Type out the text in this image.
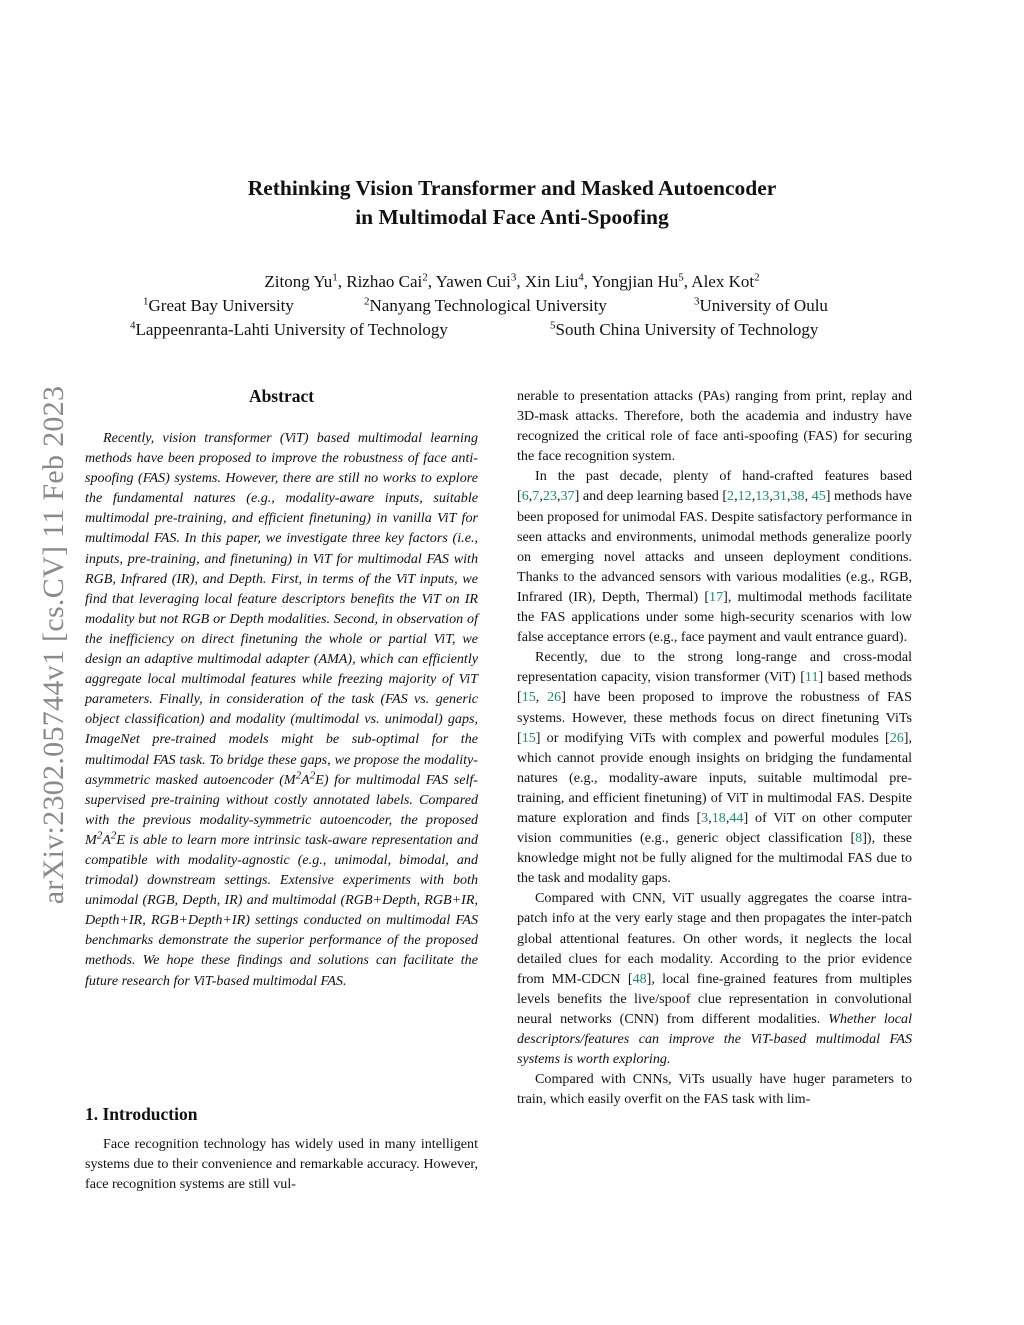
arXiv:2302.05744v1 [cs.CV] 11 Feb 2023
Rethinking Vision Transformer and Masked Autoencoder
in Multimodal Face Anti-Spoofing
Zitong Yu$^1$, Rizhao Cai$^2$, Yawen Cui$^3$, Xin Liu$^4$, Yongjian Hu$^5$, Alex Kot$^2$
$^1$Great Bay University	$^2$Nanyang Technological University	$^3$University of Oulu
$^4$Lappeenranta-Lahti University of Technology	$^5$South China University of Technology
Abstract
Recently, vision transformer (ViT) based multimodal learning methods have been proposed to improve the robustness of face anti-spoofing (FAS) systems. However, there are still no works to explore the fundamental natures (e.g., modality-aware inputs, suitable multimodal pre-training, and efficient finetuning) in vanilla ViT for multimodal FAS. In this paper, we investigate three key factors (i.e., inputs, pre-training, and finetuning) in ViT for multimodal FAS with RGB, Infrared (IR), and Depth. First, in terms of the ViT inputs, we find that leveraging local feature descriptors benefits the ViT on IR modality but not RGB or Depth modalities. Second, in observation of the inefficiency on direct finetuning the whole or partial ViT, we design an adaptive multimodal adapter (AMA), which can efficiently aggregate local multimodal features while freezing majority of ViT parameters. Finally, in consideration of the task (FAS vs. generic object classification) and modality (multimodal vs. unimodal) gaps, ImageNet pre-trained models might be sub-optimal for the multimodal FAS task. To bridge these gaps, we propose the modality-asymmetric masked autoencoder $(M^2A^2E)$ for multimodal FAS self-supervised pre-training without costly annotated labels. Compared with the previous modality-symmetric autoencoder, the proposed $M^2A^2E$ is able to learn more intrinsic task-aware representation and compatible with modality-agnostic (e.g., unimodal, bimodal, and trimodal) downstream settings. Extensive experiments with both unimodal (RGB, Depth, IR) and multimodal (RGB+Depth, RGB+IR, Depth+IR, RGB+Depth+IR) settings conducted on multimodal FAS benchmarks demonstrate the superior performance of the proposed methods. We hope these findings and solutions can facilitate the future research for ViT-based multimodal FAS.
1. Introduction
Face recognition technology has widely used in many intelligent systems due to their convenience and remarkable accuracy. However, face recognition systems are still vul-

nerable to presentation attacks (PAs) ranging from print, replay and 3D-mask attacks. Therefore, both the academia and industry have recognized the critical role of face anti-spoofing (FAS) for securing the face recognition system.

In the past decade, plenty of hand-crafted features based [6,7,23,37] and deep learning based [2,12,13,31,38, 45] methods have been proposed for unimodal FAS. Despite satisfactory performance in seen attacks and environments, unimodal methods generalize poorly on emerging novel attacks and unseen deployment conditions. Thanks to the advanced sensors with various modalities (e.g., RGB, Infrared (IR), Depth, Thermal) [17], multimodal methods facilitate the FAS applications under some high-security scenarios with low false acceptance errors (e.g., face payment and vault entrance guard).

Recently, due to the strong long-range and cross-modal representation capacity, vision transformer (ViT) [11] based methods [15, 26] have been proposed to improve the robustness of FAS systems. However, these methods focus on direct finetuning ViTs [15] or modifying ViTs with complex and powerful modules [26], which cannot provide enough insights on bridging the fundamental natures (e.g., modality-aware inputs, suitable multimodal pre-training, and efficient finetuning) of ViT in multimodal FAS. Despite mature exploration and finds [3,18,44] of ViT on other computer vision communities (e.g., generic object classification [8]), these knowledge might not be fully aligned for the multimodal FAS due to the task and modality gaps.

Compared with CNN, ViT usually aggregates the coarse intra-patch info at the very early stage and then propagates the inter-patch global attentional features. On other words, it neglects the local detailed clues for each modality. According to the prior evidence from MM-CDCN [48], local fine-grained features from multiples levels benefits the live/spoof clue representation in convolutional neural networks (CNN) from different modalities. Whether local descriptors/features can improve the ViT-based multimodal FAS systems is worth exploring.

Compared with CNNs, ViTs usually have huger parameters to train, which easily overfit on the FAS task with lim-
